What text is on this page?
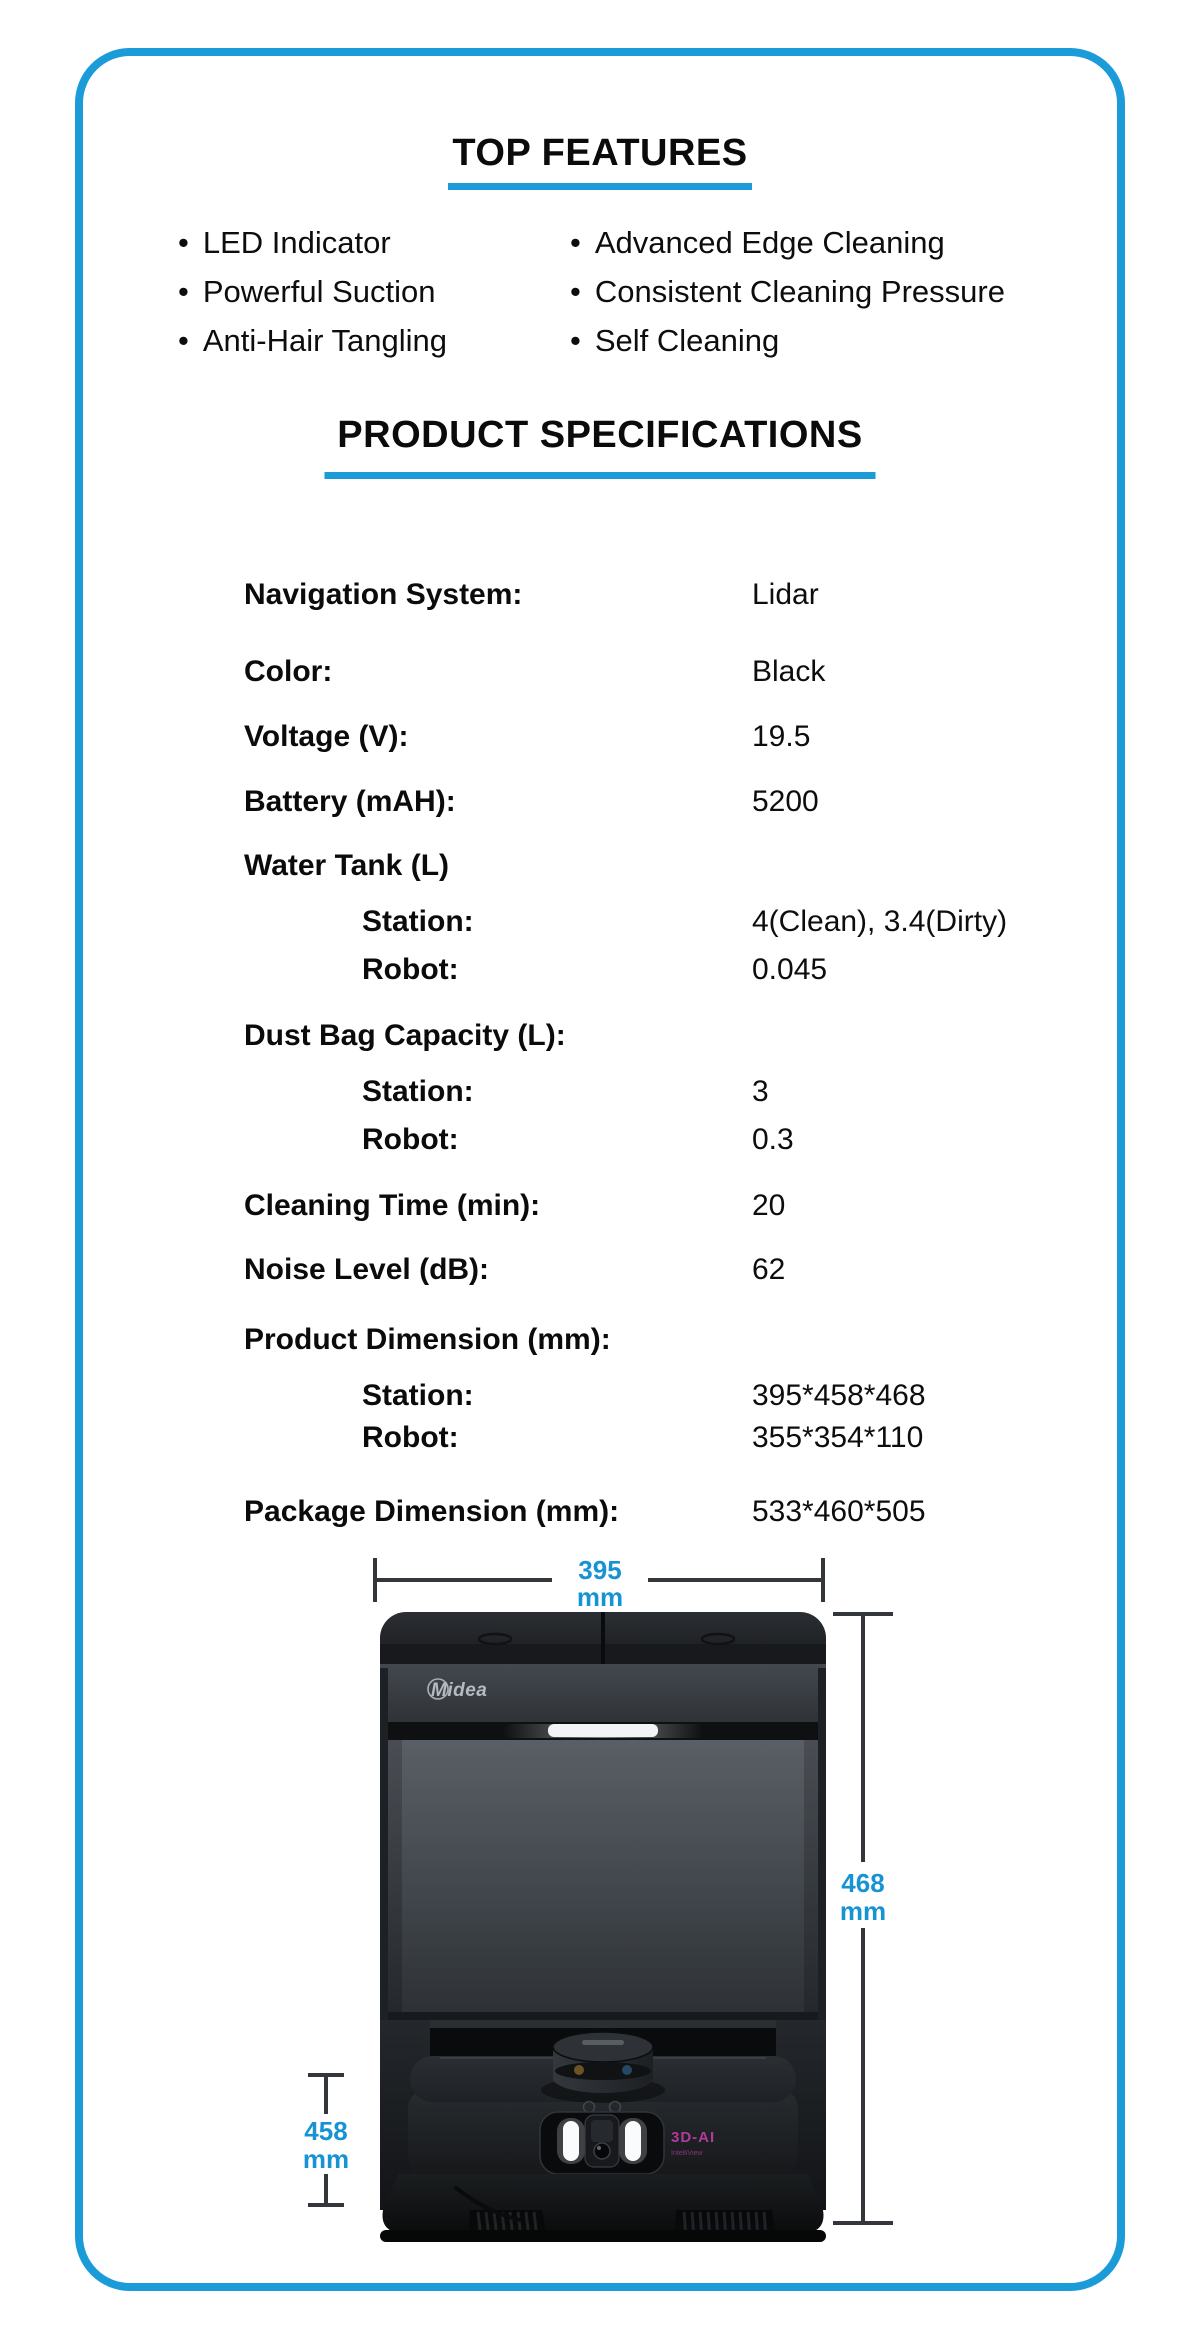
TOP FEATURES
• LED Indicator
• Powerful Suction
• Anti-Hair Tangling
• Advanced Edge Cleaning
• Consistent Cleaning Pressure
• Self Cleaning
PRODUCT SPECIFICATIONS
Navigation System:	Lidar
Color:	Black
Voltage (V):	19.5
Battery (mAH):	5200
Water Tank (L)
Station:	4(Clean), 3.4(Dirty)
Robot:	0.045
Dust Bag Capacity (L):
Station:	3
Robot:	0.3
Cleaning Time (min):	20
Noise Level (dB):	62
Product Dimension (mm):
Station:	395*458*468
Robot:	355*354*110
Package Dimension (mm):	533*460*505
Midea
3D-AI
IntelliView
395
mm
468
mm
458
mm
